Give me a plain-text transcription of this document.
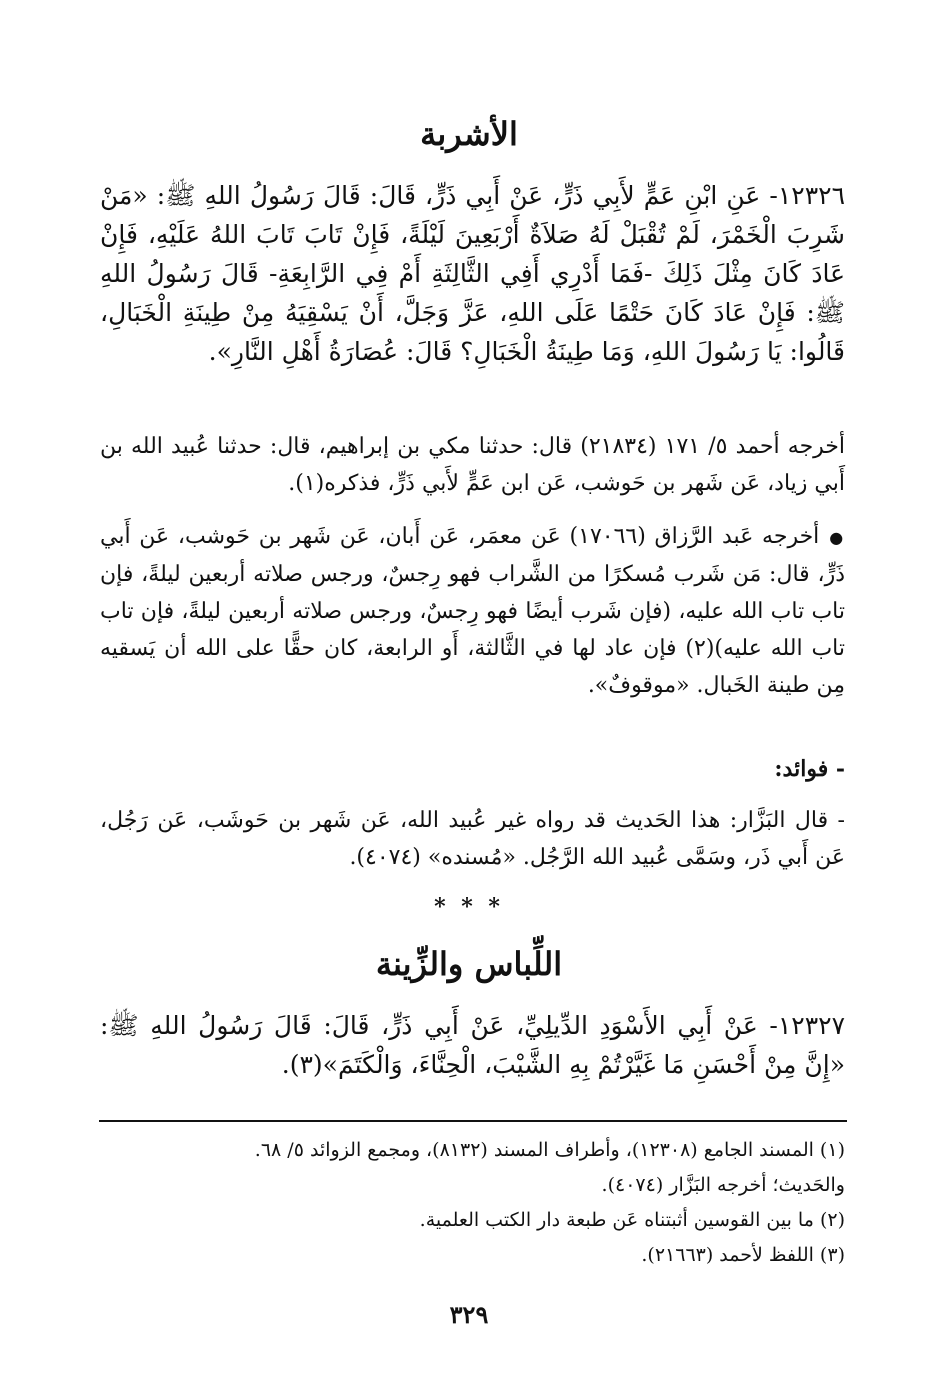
الأشربة
١٢٣٢٦- عَنِ ابْنِ عَمٍّ لأَبِي ذَرٍّ، عَنْ أَبِي ذَرٍّ، قَالَ: قَالَ رَسُولُ اللهِ ﷺ: «مَنْ شَرِبَ الْخَمْرَ، لَمْ تُقْبَلْ لَهُ صَلاَةٌ أَرْبَعِينَ لَيْلَةً، فَإِنْ تَابَ تَابَ اللهُ عَلَيْهِ، فَإِنْ عَادَ كَانَ مِثْلَ ذَلِكَ -فَمَا أَدْرِي أَفِي الثَّالِثَةِ أَمْ فِي الرَّابِعَةِ- قَالَ رَسُولُ اللهِ ﷺ: فَإِنْ عَادَ كَانَ حَتْمًا عَلَى اللهِ، عَزَّ وَجَلَّ، أَنْ يَسْقِيَهُ مِنْ طِينَةِ الْخَبَالِ، قَالُوا: يَا رَسُولَ اللهِ، وَمَا طِينَةُ الْخَبَالِ؟ قَالَ: عُصَارَةُ أَهْلِ النَّارِ».
أخرجه أحمد ٥/ ١٧١ (٢١٨٣٤) قال: حدثنا مكي بن إبراهيم، قال: حدثنا عُبيد الله بن أَبي زياد، عَن شَهر بن حَوشب، عَن ابن عَمٍّ لأَبي ذَرٍّ، فذكره(١).
● أخرجه عَبد الرَّزاق (١٧٠٦٦) عَن معمَر، عَن أَبان، عَن شَهر بن حَوشب، عَن أَبي ذَرٍّ، قال: مَن شَرب مُسكرًا من الشَّراب فهو رِجسٌ، ورجس صلاته أربعين ليلةً، فإن تاب تاب الله عليه، (فإن شَرب أيضًا فهو رِجسٌ، ورجس صلاته أربعين ليلةً، فإن تاب تاب الله عليه)(٢) فإن عاد لها في الثَّالثة، أَو الرابعة، كان حقًّا على الله أن يَسقيه مِن طينة الخَبال. «موقوفٌ».
- فوائد:
- قال البَزَّار: هذا الحَديث قد رواه غير عُبيد الله، عَن شَهر بن حَوشَب، عَن رَجُل، عَن أَبي ذَر، وسَمَّى عُبيد الله الرَّجُل. «مُسنده» (٤٠٧٤).
* * *
اللِّباس والزِّينة
١٢٣٢٧- عَنْ أَبِي الأَسْوَدِ الدِّيلِيِّ، عَنْ أَبِي ذَرٍّ، قَالَ: قَالَ رَسُولُ اللهِ ﷺ: «إِنَّ مِنْ أَحْسَنِ مَا غَيَّرْتُمْ بِهِ الشَّيْبَ، الْحِنَّاءَ، وَالْكَتَمَ»(٣).
(١) المسند الجامع (١٢٣٠٨)، وأطراف المسند (٨١٣٢)، ومجمع الزوائد ٥/ ٦٨.
والحَديث؛ أخرجه البَزَّار (٤٠٧٤).
(٢) ما بين القوسين أثبتناه عَن طبعة دار الكتب العلمية.
(٣) اللفظ لأحمد (٢١٦٦٣).
٣٢٩
